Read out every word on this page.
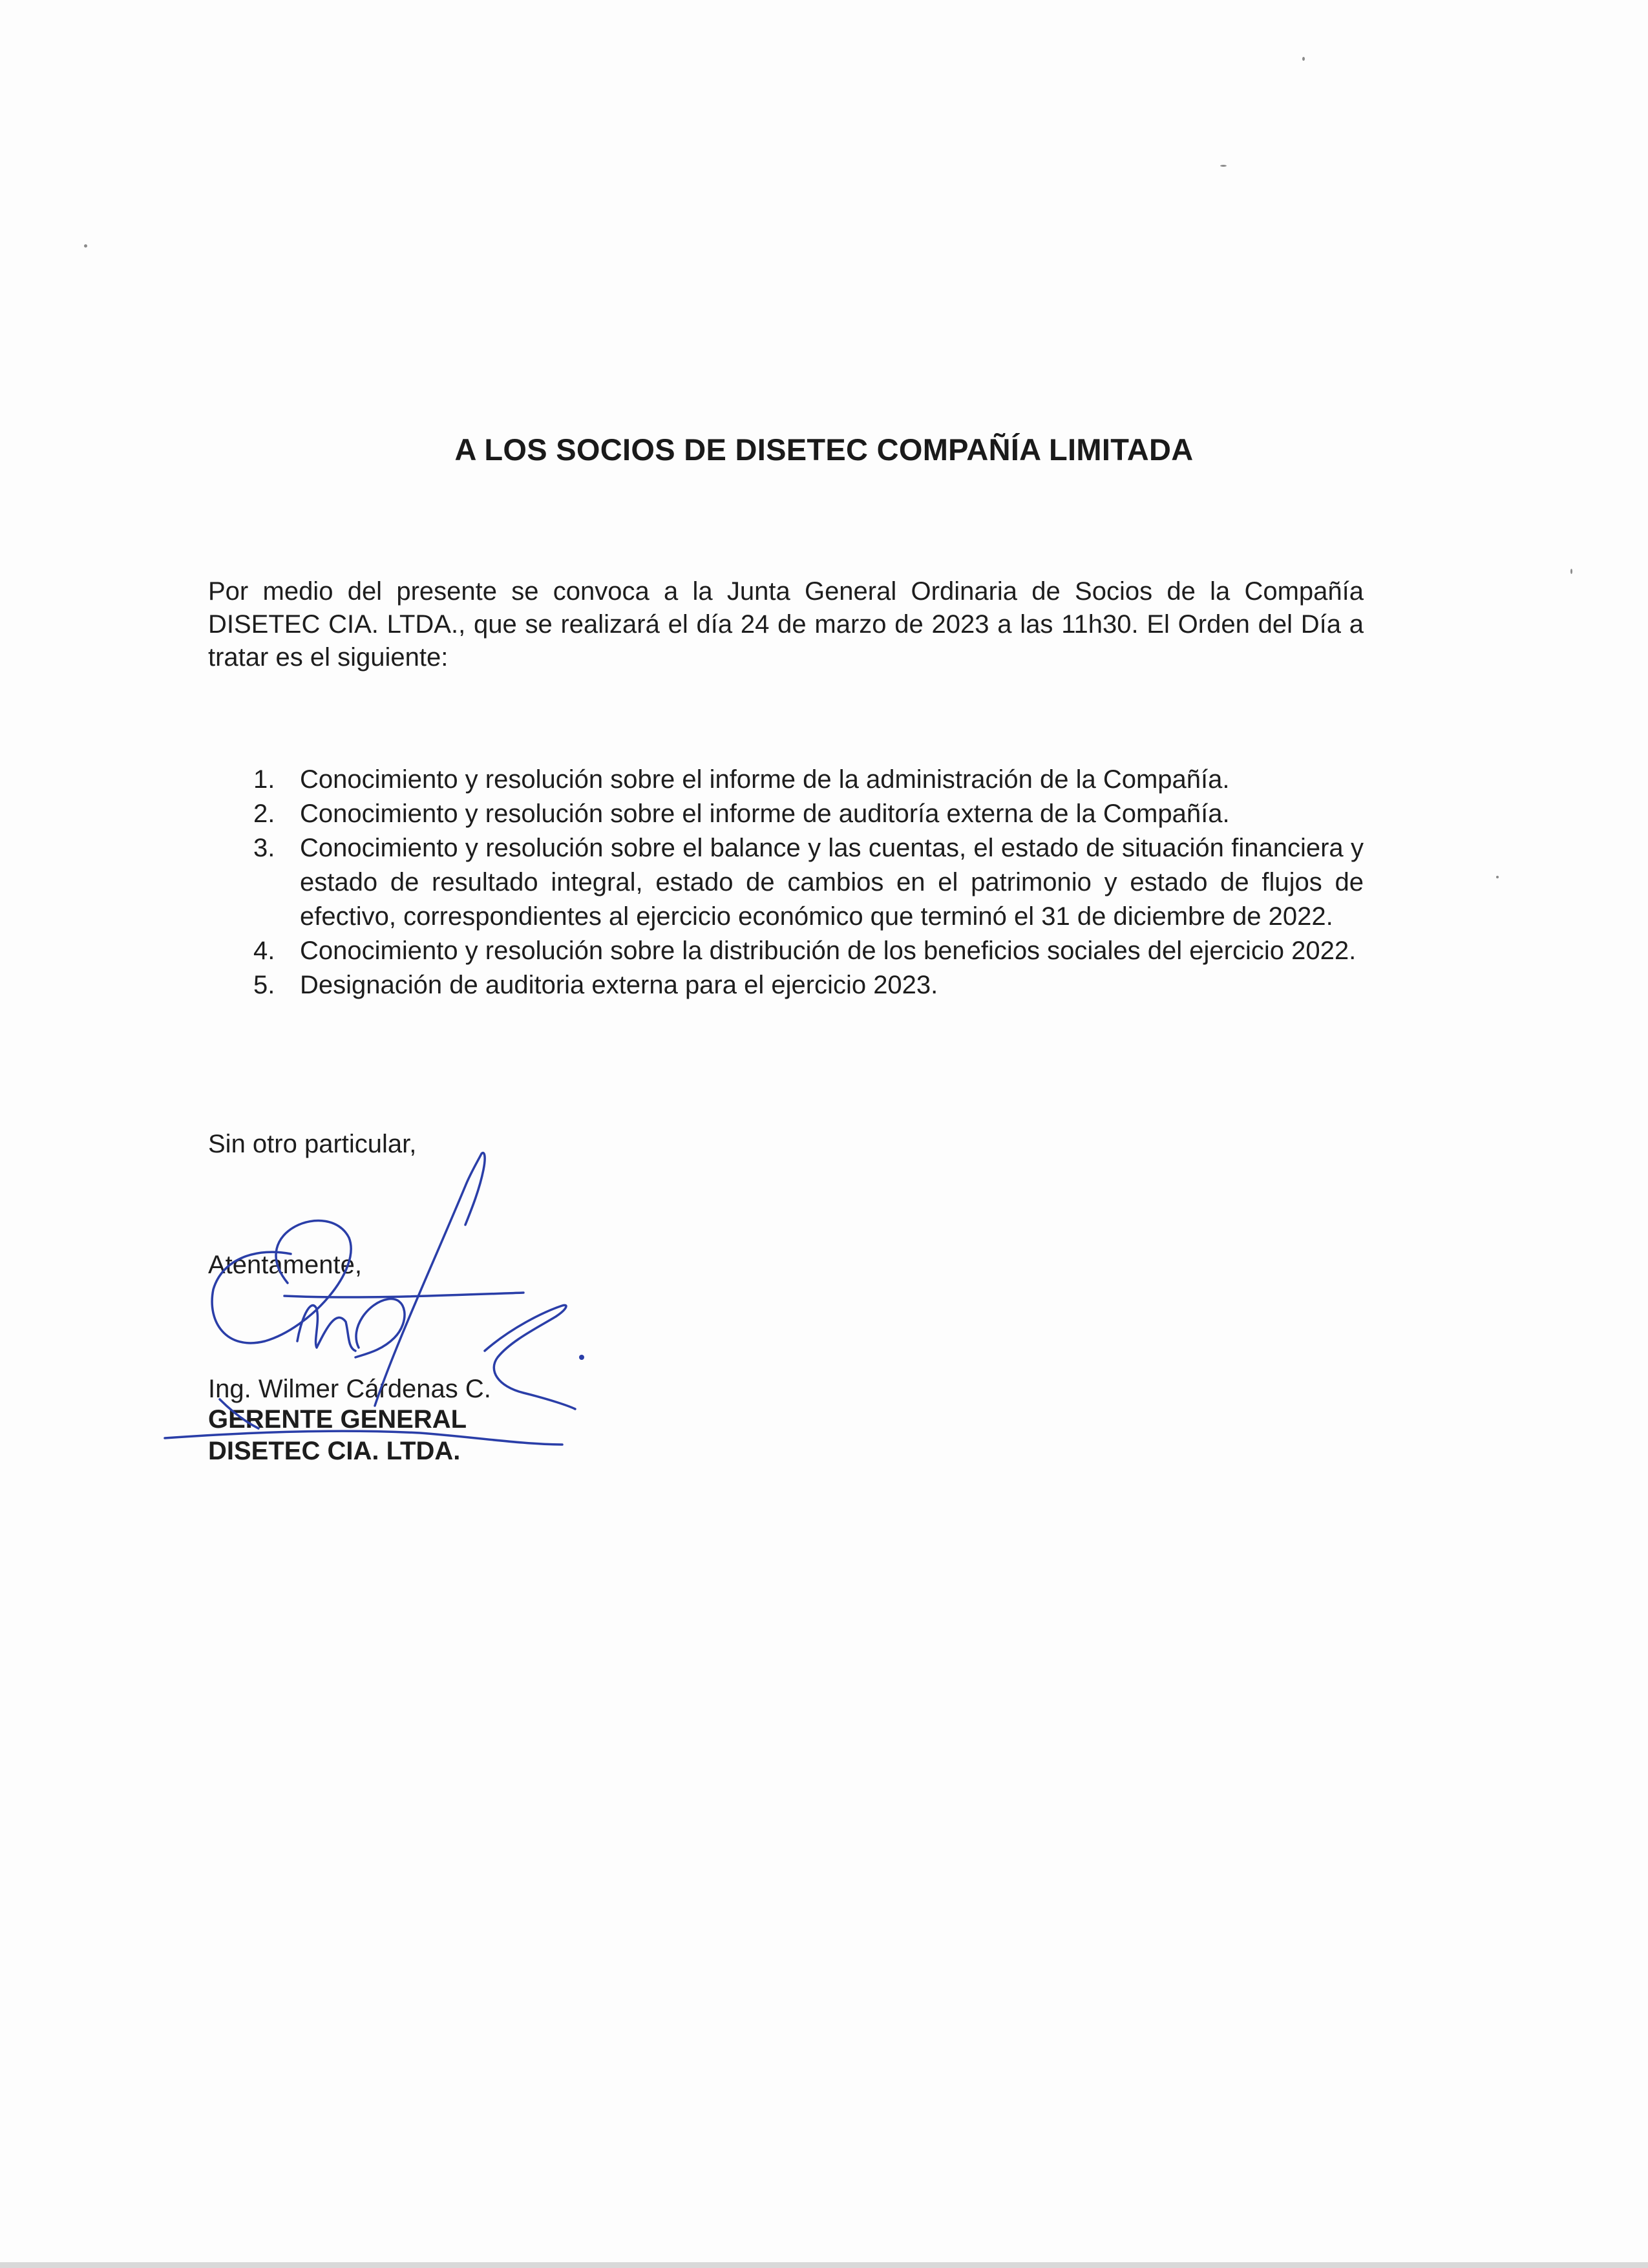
A LOS SOCIOS DE DISETEC COMPAÑÍA LIMITADA

Por medio del presente se convoca a la Junta General Ordinaria de Socios de la Compañía DISETEC CIA. LTDA., que se realizará el día 24 de marzo de 2023 a las 11h30. El Orden del Día a tratar es el siguiente:

1. Conocimiento y resolución sobre el informe de la administración de la Compañía.
2. Conocimiento y resolución sobre el informe de auditoría externa de la Compañía.
3. Conocimiento y resolución sobre el balance y las cuentas, el estado de situación financiera y estado de resultado integral, estado de cambios en el patrimonio y estado de flujos de efectivo, correspondientes al ejercicio económico que terminó el 31 de diciembre de 2022.
4. Conocimiento y resolución sobre la distribución de los beneficios sociales del ejercicio 2022.
5. Designación de auditoria externa para el ejercicio 2023.

Sin otro particular,

Atentamente,

Ing. Wilmer Cárdenas C.

GERENTE GENERAL

DISETEC CIA. LTDA.
